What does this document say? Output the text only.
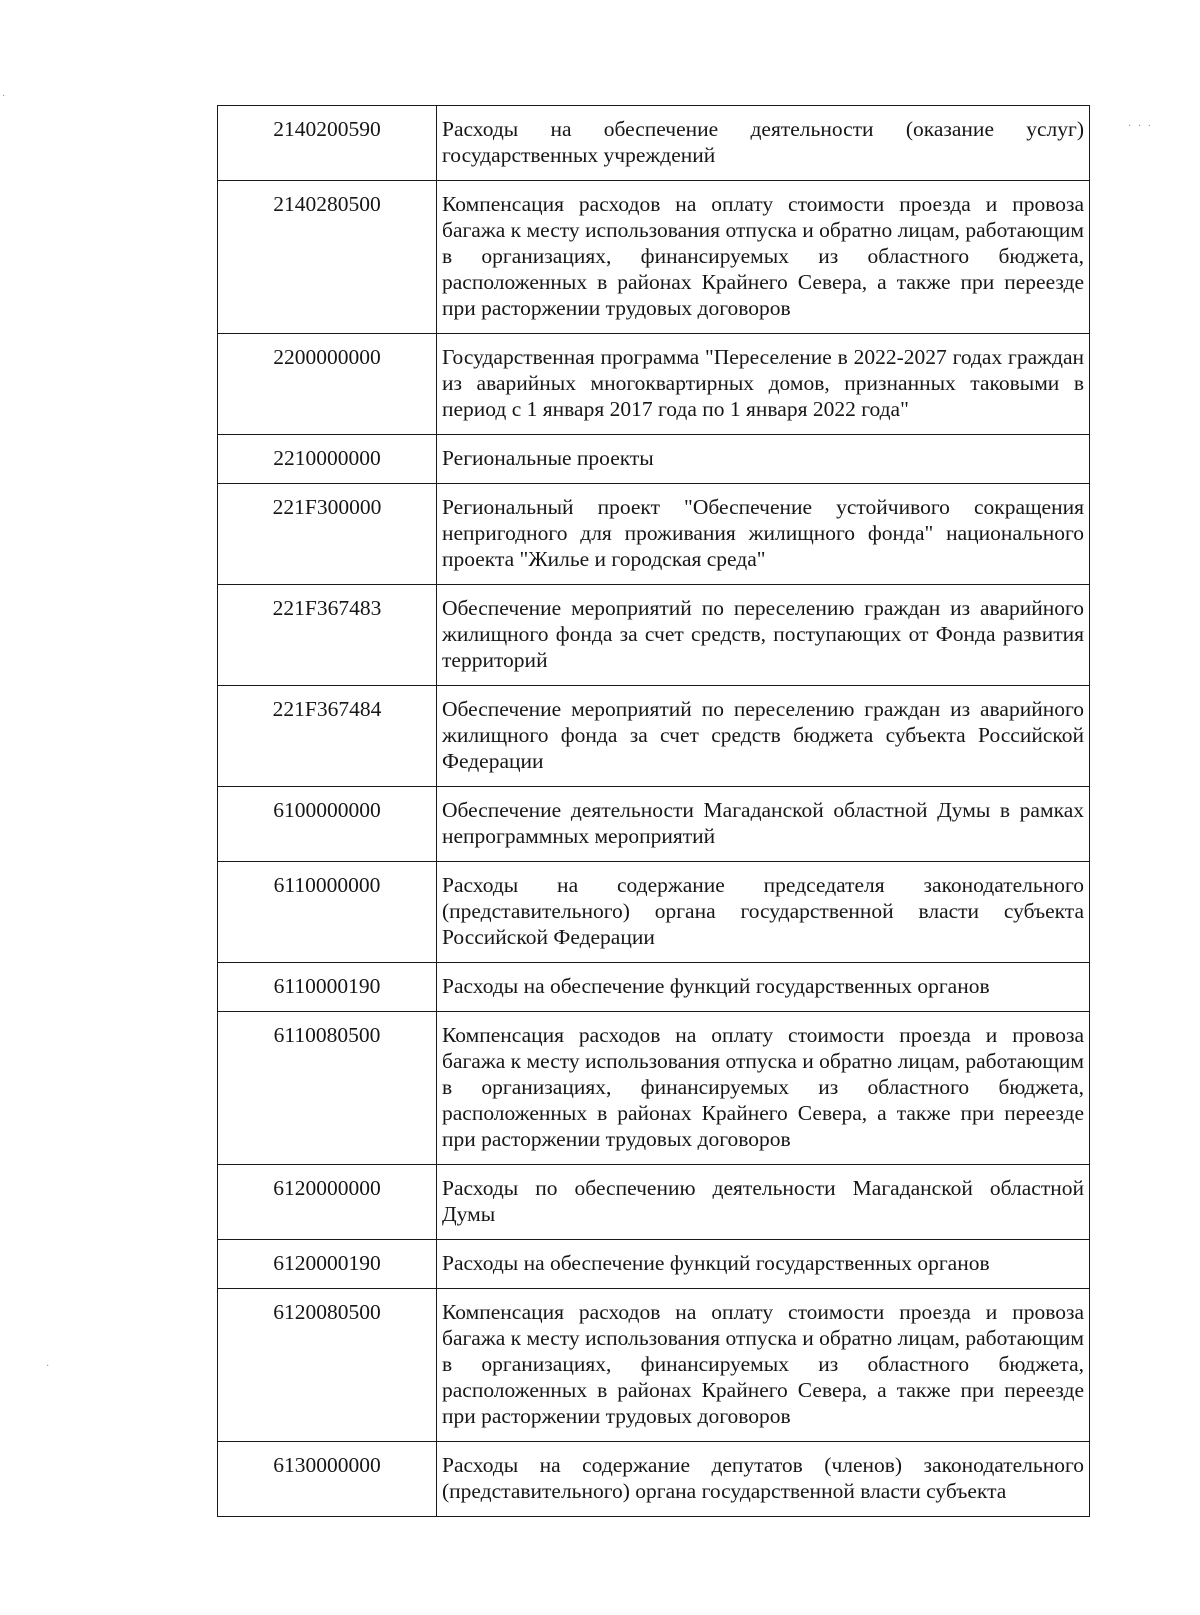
· · ·
·
·
2140200590	Расходы на обеспечение деятельности (оказание услуг) государственных учреждений
2140280500	Компенсация расходов на оплату стоимости проезда и провоза багажа к месту использования отпуска и обратно лицам, работающим в организациях, финансируемых из областного бюджета, расположенных в районах Крайнего Севера, а также при переезде при расторжении трудовых договоров
2200000000	Государственная программа "Переселение в 2022-2027 годах граждан из аварийных многоквартирных домов, признанных таковыми в период с 1 января 2017 года по 1 января 2022 года"
2210000000	Региональные проекты
221F300000	Региональный проект "Обеспечение устойчивого сокращения непригодного для проживания жилищного фонда" национального проекта "Жилье и городская среда"
221F367483	Обеспечение мероприятий по переселению граждан из аварийного жилищного фонда за счет средств, поступающих от Фонда развития территорий
221F367484	Обеспечение мероприятий по переселению граждан из аварийного жилищного фонда за счет средств бюджета субъекта Российской Федерации
6100000000	Обеспечение деятельности Магаданской областной Думы в рамках непрограммных мероприятий
6110000000	Расходы на содержание председателя законодательного (представительного) органа государственной власти субъекта Российской Федерации
6110000190	Расходы на обеспечение функций государственных органов
6110080500	Компенсация расходов на оплату стоимости проезда и провоза багажа к месту использования отпуска и обратно лицам, работающим в организациях, финансируемых из областного бюджета, расположенных в районах Крайнего Севера, а также при переезде при расторжении трудовых договоров
6120000000	Расходы по обеспечению деятельности Магаданской областной Думы
6120000190	Расходы на обеспечение функций государственных органов
6120080500	Компенсация расходов на оплату стоимости проезда и провоза багажа к месту использования отпуска и обратно лицам, работающим в организациях, финансируемых из областного бюджета, расположенных в районах Крайнего Севера, а также при переезде при расторжении трудовых договоров
6130000000	Расходы на содержание депутатов (членов) законодательного (представительного) органа государственной власти субъекта
